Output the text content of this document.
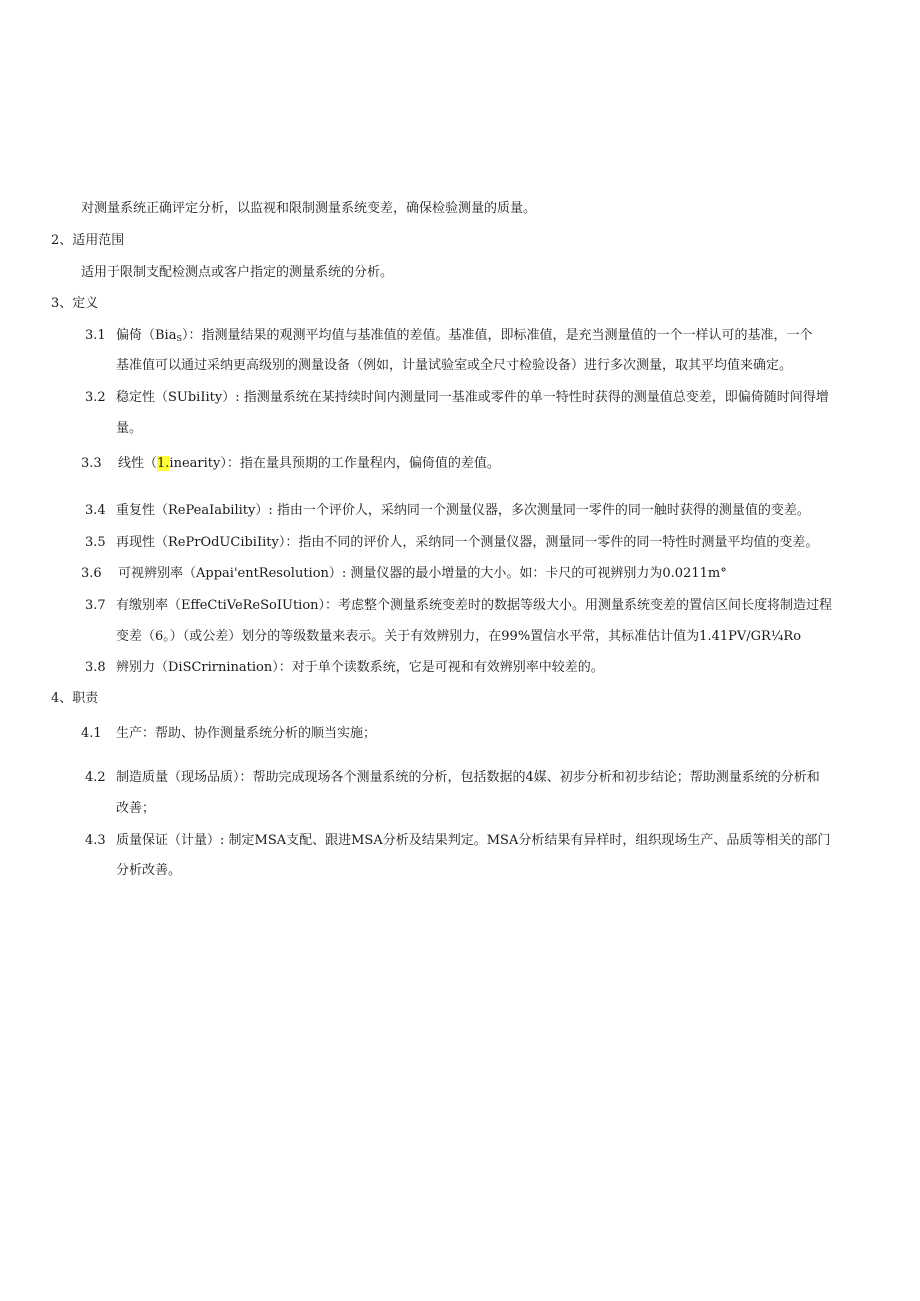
对测量系统正确评定分析，以监视和限制测量系统变差，确保检验测量的质量。
2、适用范围
适用于限制支配检测点或客户指定的测量系统的分析。
3、定义
3.1 偏倚（Bia$_S$）：指测量结果的观测平均值与基准值的差值。基准值，即标准值，是充当测量值的一个一样认可的基准，一个
基准值可以通过采纳更高级别的测量设备（例如，计量试验室或全尺寸检验设备）进行多次测量，取其平均值来确定。
3.2 稳定性（SUbiIity）: 指测量系统在某持续时间内测量同一基准或零件的单一特性时获得的测量值总变差，即偏倚随时间得增
量。
3.3 线性（1.inearity）：指在量具预期的工作量程内，偏倚值的差值。
3.4 重复性（RePeaIability）: 指由一个评价人，采纳同一个测量仪器，多次测量同一零件的同一触时获得的测量值的变差。
3.5 再现性（RePrOdUCibiIity）：指由不同的评价人，采纳同一个测量仪器，测量同一零件的同一特性时测量平均值的变差。
3.6 可视辨别率（Appai'entResolution）: 测量仪器的最小增量的大小。如：卡尺的可视辨别力为0.0211m°
3.7 有缴别率（EffeCtiVeReSoIUtion）：考虑整个测量系统变差时的数据等级大小。用测量系统变差的置信区间长度将制造过程
变差（6。）（或公差）划分的等级数量来表示。关于有效辨别力，在99%置信水平常，其标准估计值为1.41PV/GR¼Ro
3.8 辨别力（DiSCrirnination）：对于单个读数系统，它是可视和有效辨别率中较差的。
4、职责
4.1 生产：帮助、协作测量系统分析的顺当实施；
4.2 制造质量（现场品质）：帮助完成现场各个测量系统的分析，包括数据的4媒、初步分析和初步结论；帮助测量系统的分析和
改善；
4.3 质量保证（计量）: 制定MSA支配、跟进MSA分析及结果判定。MSA分析结果有异样时，组织现场生产、品质等相关的部门
分析改善。
